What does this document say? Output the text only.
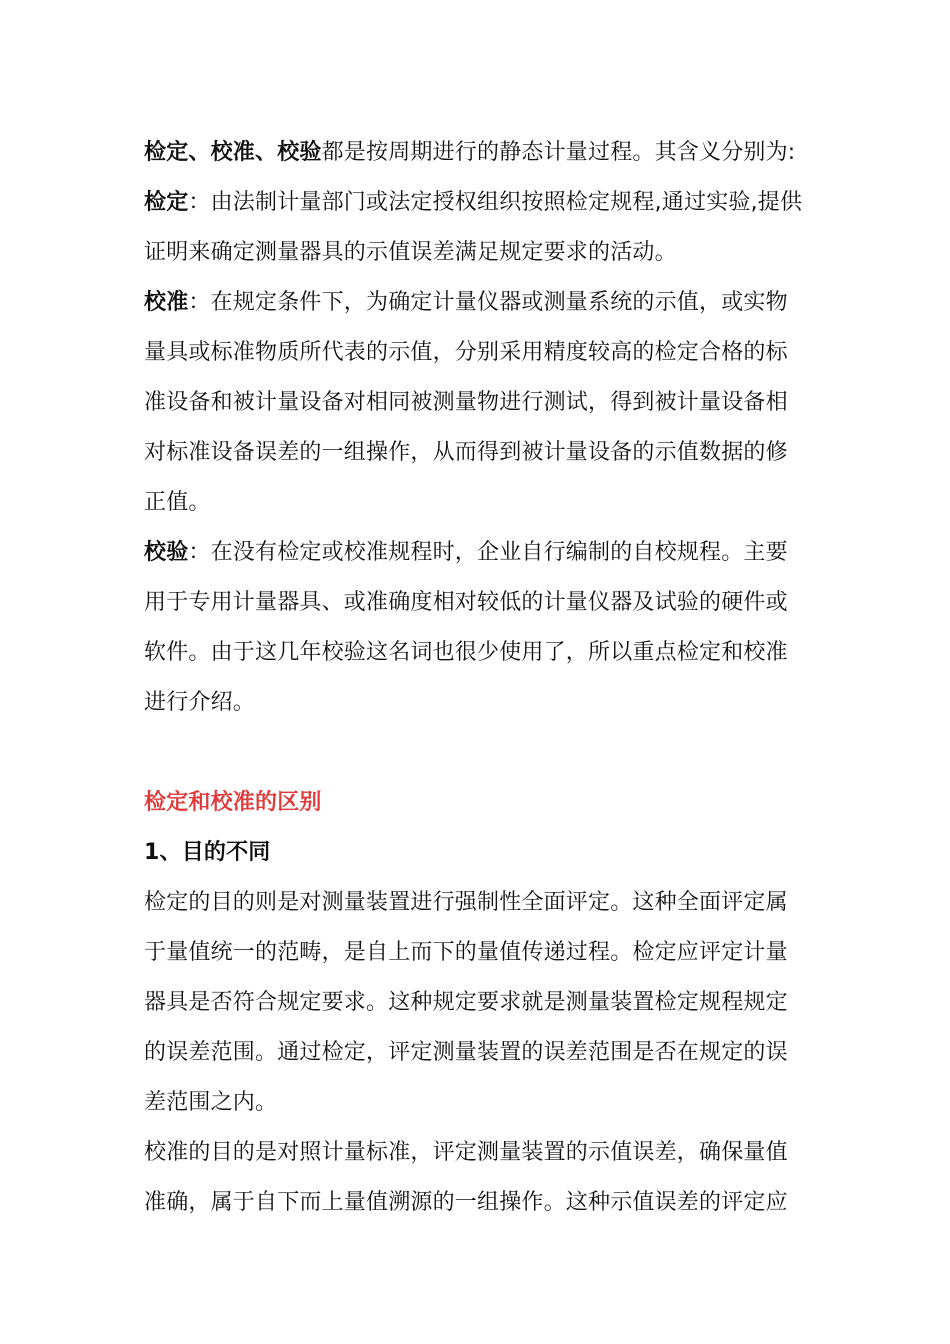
检定、校准、校验都是按周期进行的静态计量过程。其含义分别为:

检定：由法制计量部门或法定授权组织按照检定规程,通过实验,提供
证明来确定测量器具的示值误差满足规定要求的活动。

校准：在规定条件下，为确定计量仪器或测量系统的示值，或实物
量具或标准物质所代表的示值，分别采用精度较高的检定合格的标
准设备和被计量设备对相同被测量物进行测试，得到被计量设备相
对标准设备误差的一组操作，从而得到被计量设备的示值数据的修
正值。

校验：在没有检定或校准规程时，企业自行编制的自校规程。主要
用于专用计量器具、或准确度相对较低的计量仪器及试验的硬件或
软件。由于这几年校验这名词也很少使用了，所以重点检定和校准
进行介绍。

检定和校准的区别

1、目的不同

检定的目的则是对测量装置进行强制性全面评定。这种全面评定属
于量值统一的范畴，是自上而下的量值传递过程。检定应评定计量
器具是否符合规定要求。这种规定要求就是测量装置检定规程规定
的误差范围。通过检定，评定测量装置的误差范围是否在规定的误
差范围之内。

校准的目的是对照计量标准，评定测量装置的示值误差，确保量值
准确，属于自下而上量值溯源的一组操作。这种示值误差的评定应
